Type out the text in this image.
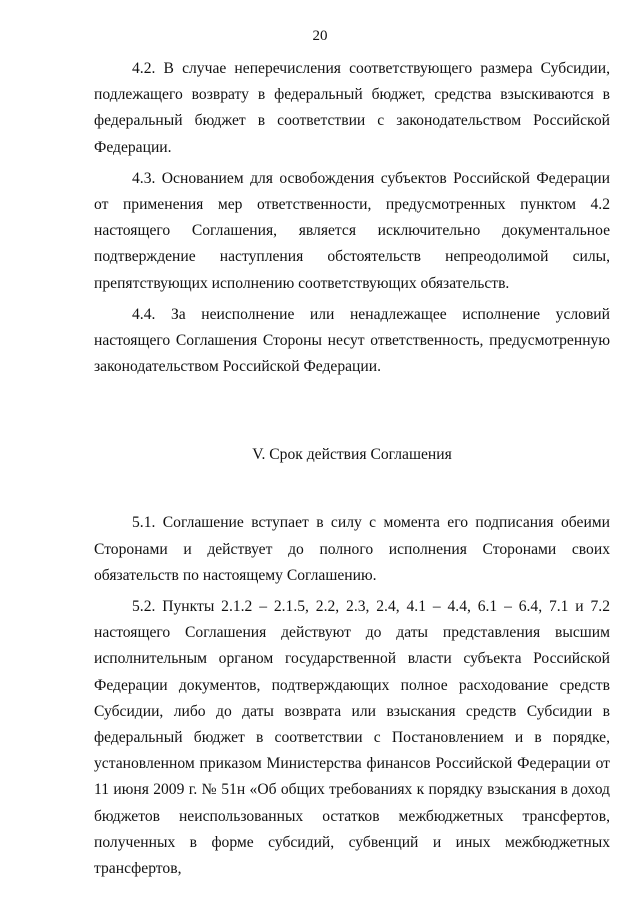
20

4.2. В случае неперечисления соответствующего размера Субсидии, подлежащего возврату в федеральный бюджет, средства взыскиваются в федеральный бюджет в соответствии с законодательством Российской Федерации.

4.3. Основанием для освобождения субъектов Российской Федерации от применения мер ответственности, предусмотренных пунктом 4.2 настоящего Соглашения, является исключительно документальное подтверждение наступления обстоятельств непреодолимой силы, препятствующих исполнению соответствующих обязательств.

4.4. За неисполнение или ненадлежащее исполнение условий настоящего Соглашения Стороны несут ответственность, предусмотренную законодательством Российской Федерации.

V. Срок действия Соглашения

5.1. Соглашение вступает в силу с момента его подписания обеими Сторонами и действует до полного исполнения Сторонами своих обязательств по настоящему Соглашению.

5.2. Пункты 2.1.2 – 2.1.5, 2.2, 2.3, 2.4, 4.1 – 4.4, 6.1 – 6.4, 7.1 и 7.2 настоящего Соглашения действуют до даты представления высшим исполнительным органом государственной власти субъекта Российской Федерации документов, подтверждающих полное расходование средств Субсидии, либо до даты возврата или взыскания средств Субсидии в федеральный бюджет в соответствии с Постановлением и в порядке, установленном приказом Министерства финансов Российской Федерации от 11 июня 2009 г. № 51н «Об общих требованиях к порядку взыскания в доход бюджетов неиспользованных остатков межбюджетных трансфертов, полученных в форме субсидий, субвенций и иных межбюджетных трансфертов,
